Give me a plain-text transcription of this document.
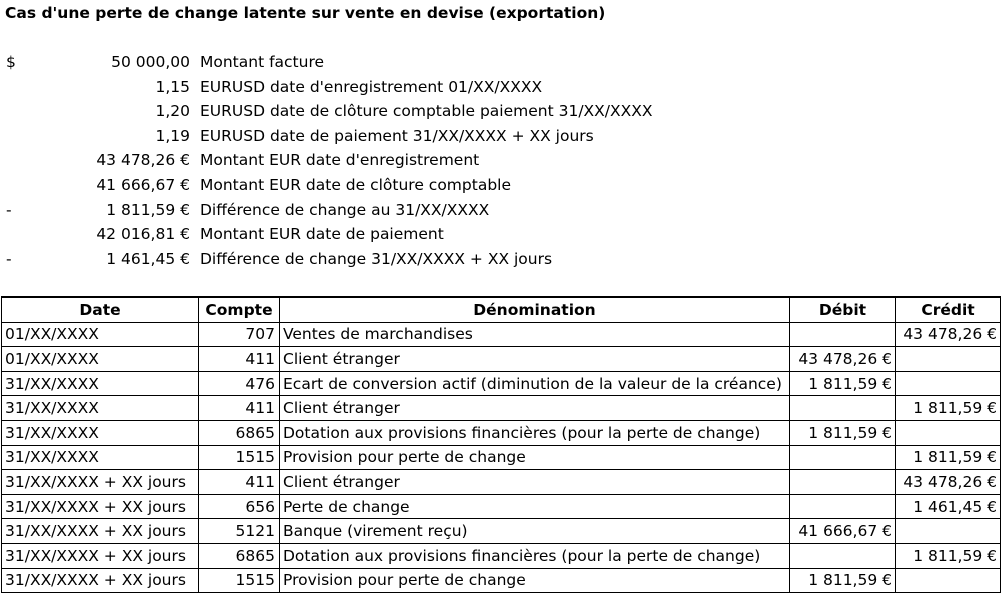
Cas d'une perte de change latente sur vente en devise (exportation)
$	50 000,00 Montant facture
1,15 EURUSD date d'enregistrement 01/XX/XXXX
1,20 EURUSD date de clôture comptable paiement 31/XX/XXXX
1,19 EURUSD date de paiement 31/XX/XXXX + XX jours
43 478,26 € Montant EUR date d'enregistrement
41 666,67 € Montant EUR date de clôture comptable
-	1 811,59 € Différence de change au 31/XX/XXXX
42 016,81 € Montant EUR date de paiement
-	1 461,45 € Différence de change 31/XX/XXXX + XX jours
Date	Compte	Dénomination	Débit	Crédit
01/XX/XXXX	707	Ventes de marchandises		43 478,26 €
01/XX/XXXX	411	Client étranger	43 478,26 €	
31/XX/XXXX	476	Ecart de conversion actif (diminution de la valeur de la créance)	1 811,59 €	
31/XX/XXXX	411	Client étranger		1 811,59 €
31/XX/XXXX	6865	Dotation aux provisions financières (pour la perte de change)	1 811,59 €	
31/XX/XXXX	1515	Provision pour perte de change		1 811,59 €
31/XX/XXXX + XX jours	411	Client étranger		43 478,26 €
31/XX/XXXX + XX jours	656	Perte de change		1 461,45 €
31/XX/XXXX + XX jours	5121	Banque (virement reçu)	41 666,67 €	
31/XX/XXXX + XX jours	6865	Dotation aux provisions financières (pour la perte de change)		1 811,59 €
31/XX/XXXX + XX jours	1515	Provision pour perte de change	1 811,59 €	
